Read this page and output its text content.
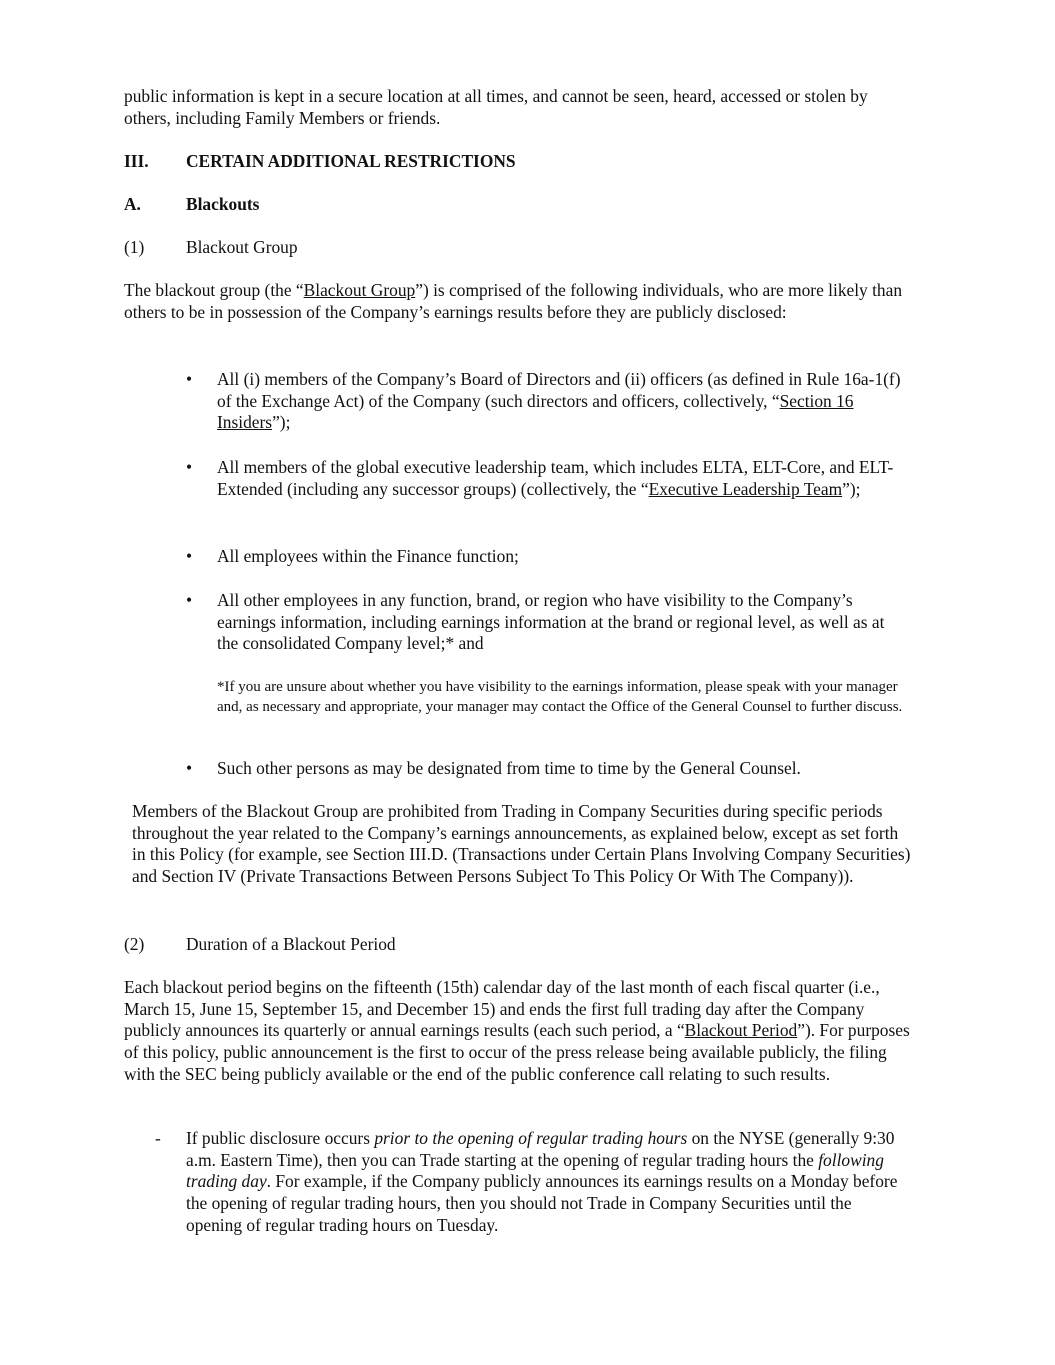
public information is kept in a secure location at all times, and cannot be seen, heard, accessed or stolen by others, including Family Members or friends.

III.	CERTAIN ADDITIONAL RESTRICTIONS
A.	Blackouts
(1)	Blackout Group

The blackout group (the “Blackout Group”) is comprised of the following individuals, who are more likely than others to be in possession of the Company’s earnings results before they are publicly disclosed:

•	All (i) members of the Company’s Board of Directors and (ii) officers (as defined in Rule 16a-1(f) of the Exchange Act) of the Company (such directors and officers, collectively, “Section 16 Insiders”);
•	All members of the global executive leadership team, which includes ELTA, ELT-Core, and ELT-Extended (including any successor groups) (collectively, the “Executive Leadership Team”);
•	All employees within the Finance function;
•	All other employees in any function, brand, or region who have visibility to the Company’s earnings information, including earnings information at the brand or regional level, as well as at the consolidated Company level;* and

*If you are unsure about whether you have visibility to the earnings information, please speak with your manager and, as necessary and appropriate, your manager may contact the Office of the General Counsel to further discuss.

•	Such other persons as may be designated from time to time by the General Counsel.

Members of the Blackout Group are prohibited from Trading in Company Securities during specific periods throughout the year related to the Company’s earnings announcements, as explained below, except as set forth in this Policy (for example, see Section III.D. (Transactions under Certain Plans Involving Company Securities) and Section IV (Private Transactions Between Persons Subject To This Policy Or With The Company)).

(2)	Duration of a Blackout Period

Each blackout period begins on the fifteenth (15th) calendar day of the last month of each fiscal quarter (i.e., March 15, June 15, September 15, and December 15) and ends the first full trading day after the Company publicly announces its quarterly or annual earnings results (each such period, a “Blackout Period”). For purposes of this policy, public announcement is the first to occur of the press release being available publicly, the filing with the SEC being publicly available or the end of the public conference call relating to such results.

-	If public disclosure occurs prior to the opening of regular trading hours on the NYSE (generally 9:30 a.m. Eastern Time), then you can Trade starting at the opening of regular trading hours the following trading day. For example, if the Company publicly announces its earnings results on a Monday before the opening of regular trading hours, then you should not Trade in Company Securities until the opening of regular trading hours on Tuesday.
